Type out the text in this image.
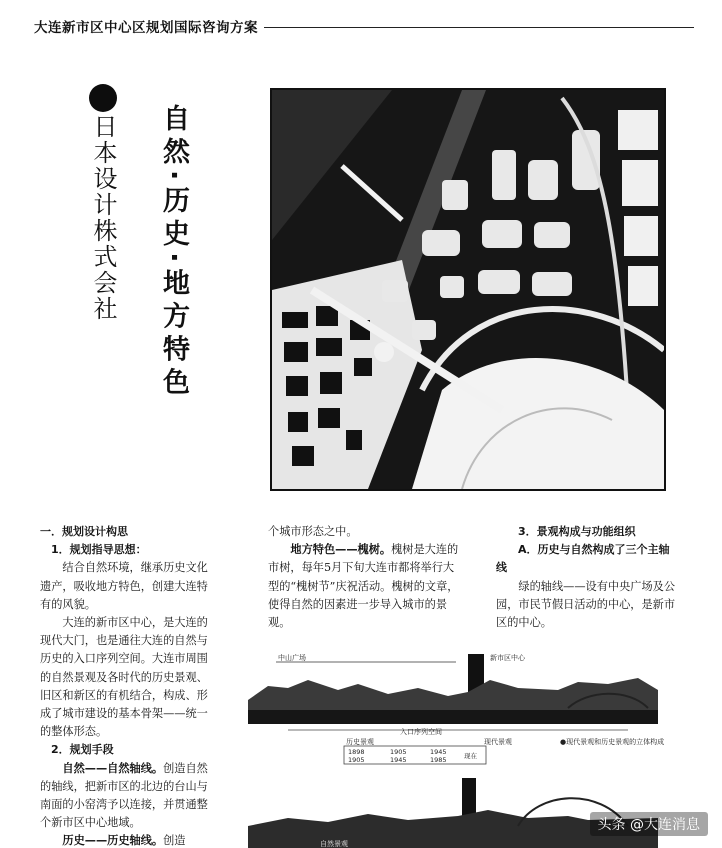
大连新市区中心区规划国际咨询方案
日本设计株式会社 自然·历史·地方特色

一．规划设计构思

1．规划指导思想：

结合自然环境，继承历史文化遗产，吸收地方特色，创建大连特有的风貌。

大连的新市区中心，是大连的现代大门，也是通往大连的自然与历史的入口序列空间。大连市周围的自然景观及各时代的历史景观、旧区和新区的有机结合，构成、形成了城市建设的基本骨架——统一的整体形态。

2．规划手段

自然——自然轴线。创造自然的轴线，把新市区的北边的台山与南面的小窑湾予以连接，并贯通整个新市区中心地域。

历史——历史轴线。创造

个城市形态之中。

地方特色——槐树。槐树是大连的市树，每年5月下旬大连市都将举行大型的“槐树节”庆祝活动。槐树的文章，使得自然的因素进一步导入城市的景观。

3．景观构成与功能组织

A．历史与自然构成了三个主轴线

绿的轴线——设有中央广场及公园，市民节假日活动的中心，是新市区的中心。

中山广场	新市区中心
入口序列空间
历史景观	现代景观	●现代景观和历史景观的立体构成
1898
1905
1905
1945
1945
1985	现在
自然景观
头条 @大连消息
